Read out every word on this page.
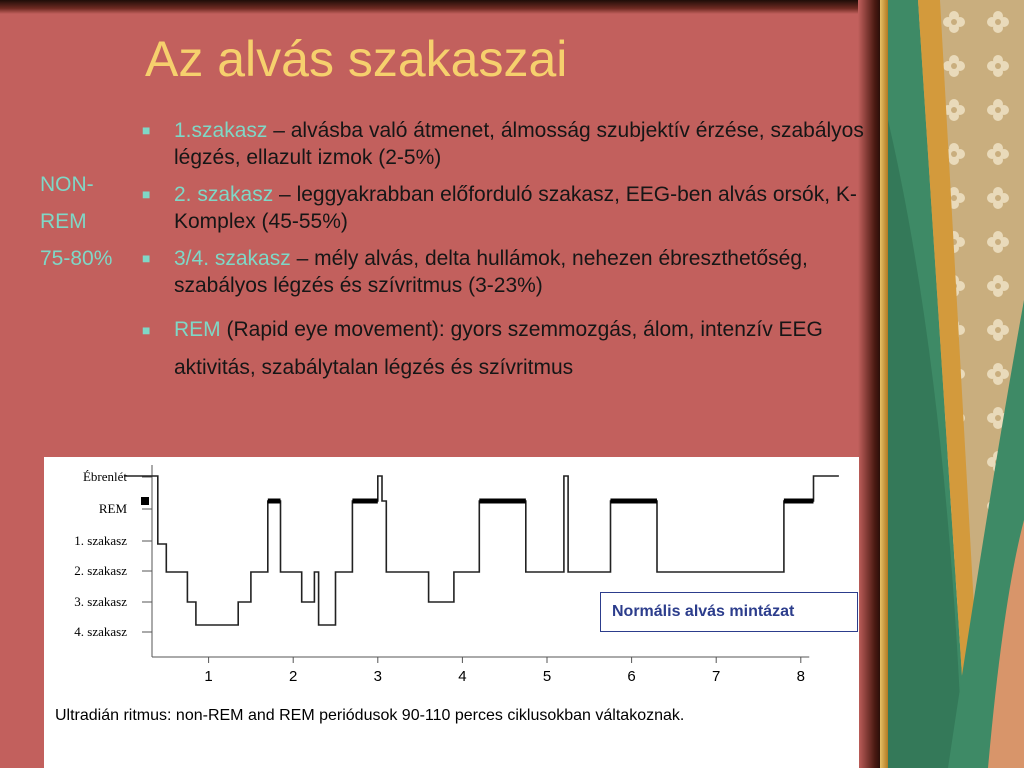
Az alvás szakaszai
NON-
REM
75-80%
■ 1.szakasz – alvásba való átmenet, álmosság szubjektív érzése, szabályos légzés, ellazult izmok (2-5%)
■ 2. szakasz – leggyakrabban előforduló szakasz, EEG-ben alvás orsók, K-Komplex (45-55%)
■ 3/4. szakasz – mély alvás, delta hullámok, nehezen ébreszthetőség, szabályos légzés és szívritmus (3-23%)
■ REM (Rapid eye movement): gyors szemmozgás, álom, intenzív EEG aktivitás, szabálytalan légzés és szívritmus
Ébrenlét
REM
1. szakasz
2. szakasz
3. szakasz
4. szakasz
1	2	3	4	5	6	7	8
Normális alvás mintázat
Ultradián ritmus: non-REM and REM periódusok 90-110 perces ciklusokban váltakoznak.
